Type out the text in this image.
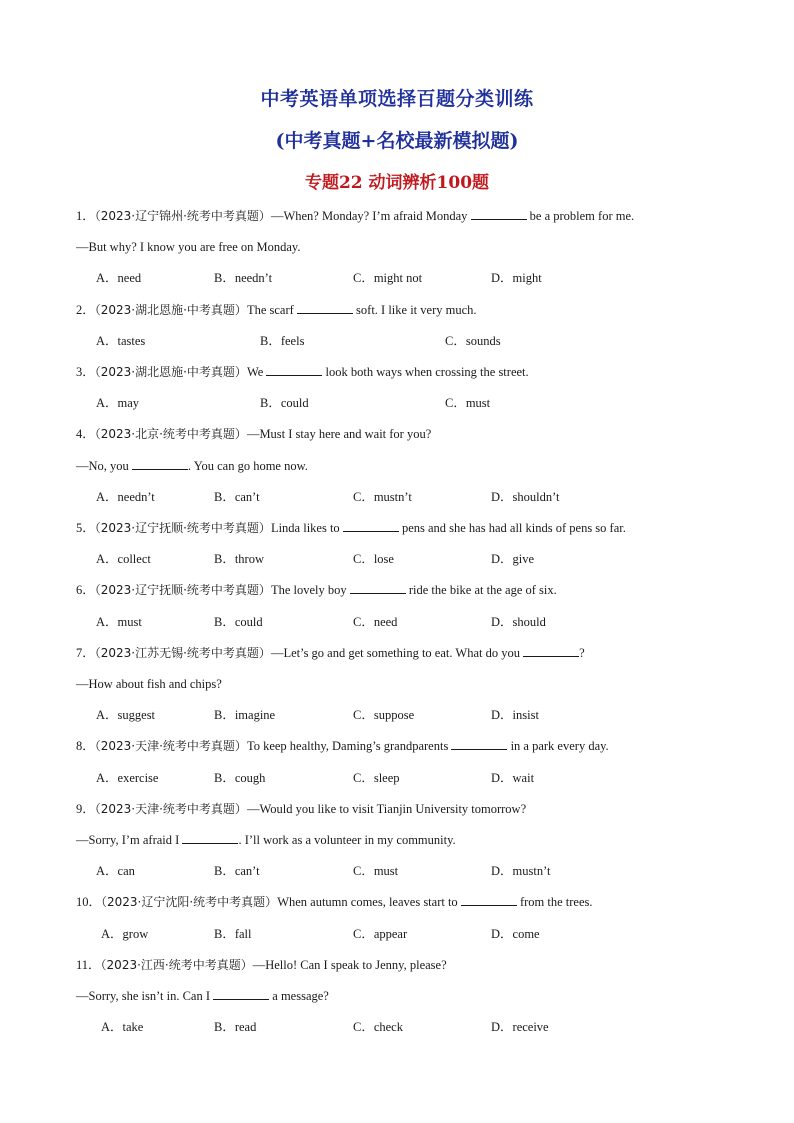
中考英语单项选择百题分类训练
(中考真题+名校最新模拟题)
专题22 动词辨析100题
1．（2023·辽宁锦州·统考中考真题）—When? Monday? I’m afraid Monday	be a problem for me.
—But why? I know you are free on Monday.
A．need	B．needn’t	C．might not	D．might
2．（2023·湖北恩施·中考真题）The scarf	soft. I like it very much.
A．tastes	B．feels	C．sounds
3．（2023·湖北恩施·中考真题）We	look both ways when crossing the street.
A．may	B．could	C．must
4．（2023·北京·统考中考真题）—Must I stay here and wait for you?
—No, you	. You can go home now.
A．needn’t	B．can’t	C．mustn’t	D．shouldn’t
5．（2023·辽宁抚顺·统考中考真题）Linda likes to	pens and she has had all kinds of pens so far.
A．collect	B．throw	C．lose	D．give
6．（2023·辽宁抚顺·统考中考真题）The lovely boy	ride the bike at the age of six.
A．must	B．could	C．need	D．should
7．（2023·江苏无锡·统考中考真题）—Let’s go and get something to eat. What do you	?
—How about fish and chips?
A．suggest	B．imagine	C．suppose	D．insist
8．（2023·天津·统考中考真题）To keep healthy, Daming’s grandparents	in a park every day.
A．exercise	B．cough	C．sleep	D．wait
9．（2023·天津·统考中考真题）—Would you like to visit Tianjin University tomorrow?
—Sorry, I’m afraid I	. I’ll work as a volunteer in my community.
A．can	B．can’t	C．must	D．mustn’t
10．（2023·辽宁沈阳·统考中考真题）When autumn comes, leaves start to	from the trees.
A．grow	B．fall	C．appear	D．come
11．（2023·江西·统考中考真题）—Hello! Can I speak to Jenny, please?
—Sorry, she isn’t in. Can I	a message?
A．take	B．read	C．check	D．receive
